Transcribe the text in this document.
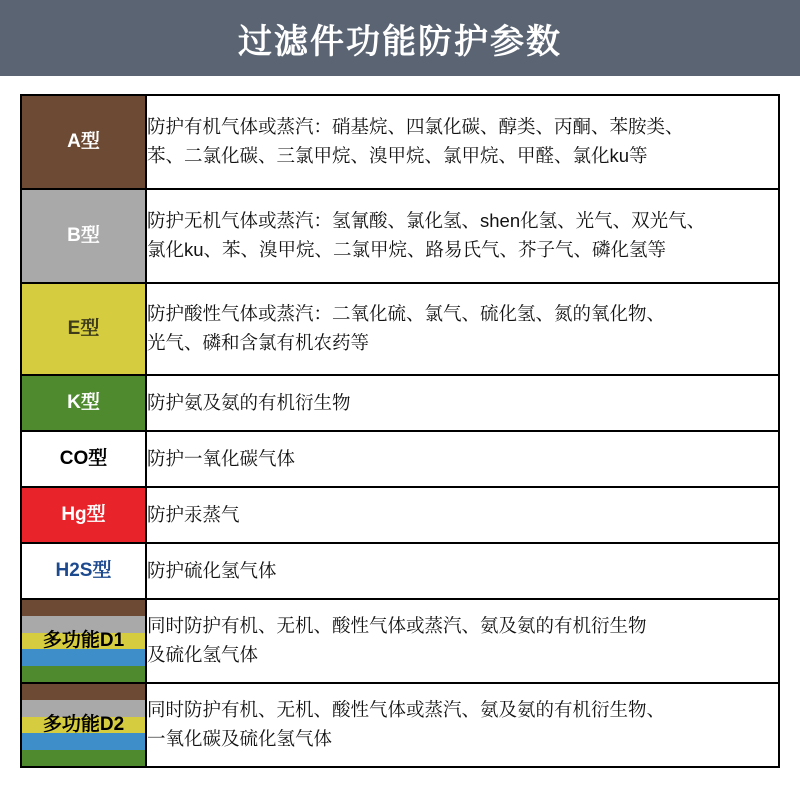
过滤件功能防护参数
A型	防护有机气体或蒸汽：硝基烷、四氯化碳、醇类、丙酮、苯胺类、
苯、二氯化碳、三氯甲烷、溴甲烷、氯甲烷、甲醛、氯化ku等

B型	防护无机气体或蒸汽：氢氰酸、氯化氢、shen化氢、光气、双光气、
氯化ku、苯、溴甲烷、二氯甲烷、路易氏气、芥子气、磷化氢等

E型	防护酸性气体或蒸汽：二氧化硫、氯气、硫化氢、氮的氧化物、
光气、磷和含氯有机农药等

K型	防护氨及氨的有机衍生物

CO型	防护一氧化碳气体

Hg型	防护汞蒸气

H2S型	防护硫化氢气体

多功能D1	同时防护有机、无机、酸性气体或蒸汽、氨及氨的有机衍生物
及硫化氢气体

多功能D2	同时防护有机、无机、酸性气体或蒸汽、氨及氨的有机衍生物、
一氧化碳及硫化氢气体
